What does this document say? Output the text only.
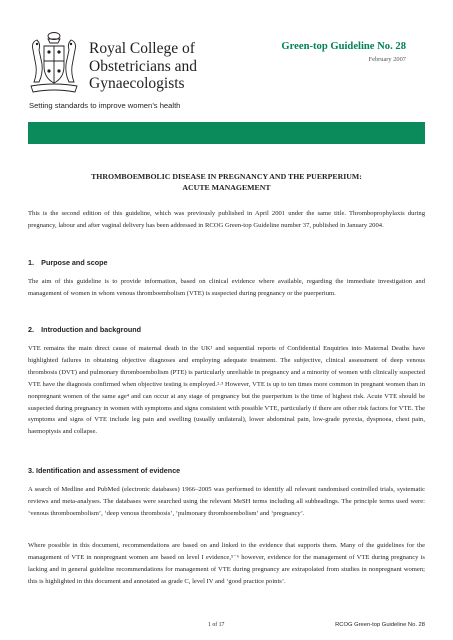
Royal College of
Obstetricians and
Gynaecologists
Setting standards to improve women’s health
Green-top Guideline No. 28
February 2007
THROMBOEMBOLIC DISEASE IN PREGNANCY AND THE PUERPERIUM:
ACUTE MANAGEMENT

This is the second edition of this guideline, which was previously published in April 2001 under the same title. Thromboprophylaxis during pregnancy, labour and after vaginal delivery has been addressed in RCOG Green-top Guideline number 37, published in January 2004.

1. Purpose and scope

The aim of this guideline is to provide information, based on clinical evidence where available, regarding the immediate investigation and management of women in whom venous thromboembolism (VTE) is suspected during pregnancy or the puerperium.

2. Introduction and background

VTE remains the main direct cause of maternal death in the UK¹ and sequential reports of Confidential Enquiries into Maternal Deaths have highlighted failures in obtaining objective diagnoses and employing adequate treatment. The subjective, clinical assessment of deep venous thrombosis (DVT) and pulmonary thromboembolism (PTE) is particularly unreliable in pregnancy and a minority of women with clinically suspected VTE have the diagnosis confirmed when objective testing is employed.²·³ However, VTE is up to ten times more common in pregnant women than in nonpregnant women of the same age⁴ and can occur at any stage of pregnancy but the puerperium is the time of highest risk. Acute VTE should be suspected during pregnancy in women with symptoms and signs consistent with possible VTE, particularly if there are other risk factors for VTE. The symptoms and signs of VTE include leg pain and swelling (usually unilateral), lower abdominal pain, low-grade pyrexia, dyspnoea, chest pain, haemoptysis and collapse.

3. Identification and assessment of evidence

A search of Medline and PubMed (electronic databases) 1966–2005 was performed to identify all relevant randomised controlled trials, systematic reviews and meta-analyses. The databases were searched using the relevant MeSH terms including all subheadings. The principle terms used were: ‘venous thromboembolism’, ‘deep venous thrombosis’, ‘pulmonary thromboembolism’ and ‘pregnancy’.

Where possible in this document, recommendations are based on and linked to the evidence that supports them. Many of the guidelines for the management of VTE in nonpregnant women are based on level I evidence,⁵⁻⁶ however, evidence for the management of VTE during pregnancy is lacking and in general guideline recommendations for management of VTE during pregnancy are extrapolated from studies in nonpregnant women; this is highlighted in this document and annotated as grade C, level IV and ‘good practice points’.

1 of 17	RCOG Green-top Guideline No. 28
